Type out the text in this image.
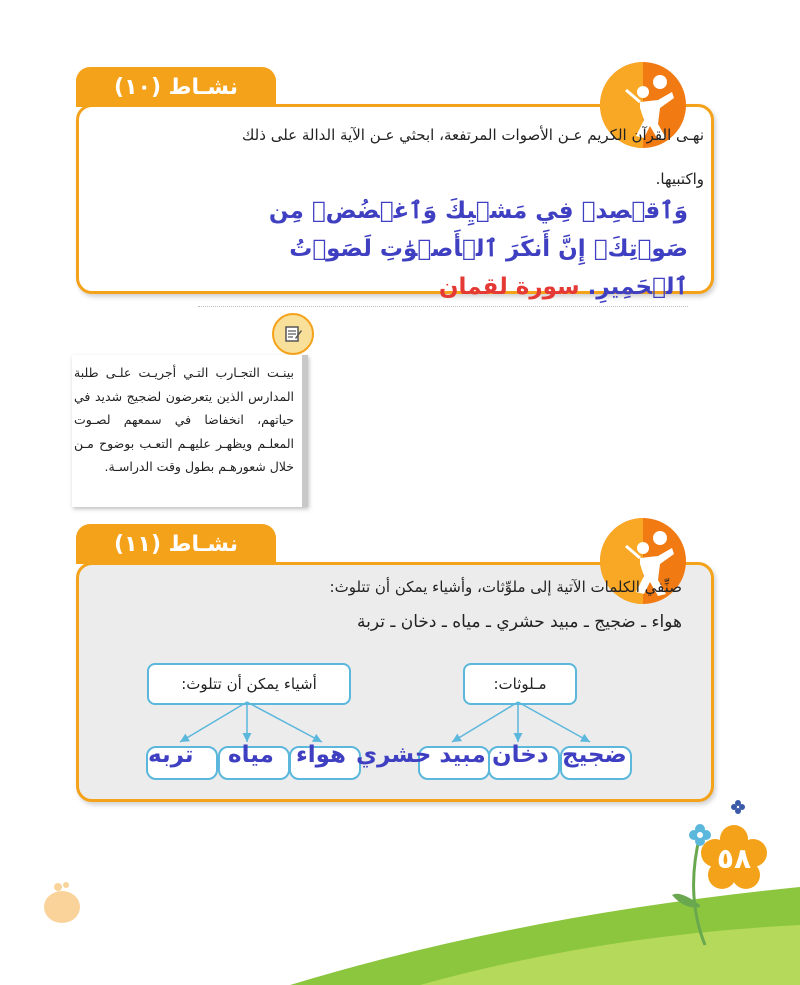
نشـاط (١٠)
نهـى القرآن الكريم عـن الأصوات المرتفعة، ابحثي عـن الآية الدالة على ذلك
واكتبيها.
وَٱقۡصِدۡ فِي مَشۡيِكَ وَٱغۡضُضۡ مِن صَوۡتِكَۚ إِنَّ أَنكَرَ ٱلۡأَصۡوَٰتِ لَصَوۡتُ ٱلۡحَمِيرِ. سورة لقمان
بينـت التجـارب التـي أجريـت علـى طلبة المدارس الذين يتعرضون لضجيج شديد في حياتهم، انخفاضا في سمعهم لصـوت المعلـم ويظهـر عليهـم التعـب بوضوح مـن خلال شعورهـم بطول وقت الدراسـة.
نشـاط (١١)
صنِّفي الكلمات الآتية إلى ملوِّثات، وأشياء يمكن أن تتلوث:
هواء ـ ضجيج ـ مبيد حشري ـ مياه ـ دخان ـ تربة
مـلوثات:
أشياء يمكن أن تتلوث:
ضجيج
دخان
مبيد حشري
هواء
مياه
تربه
٥٨
